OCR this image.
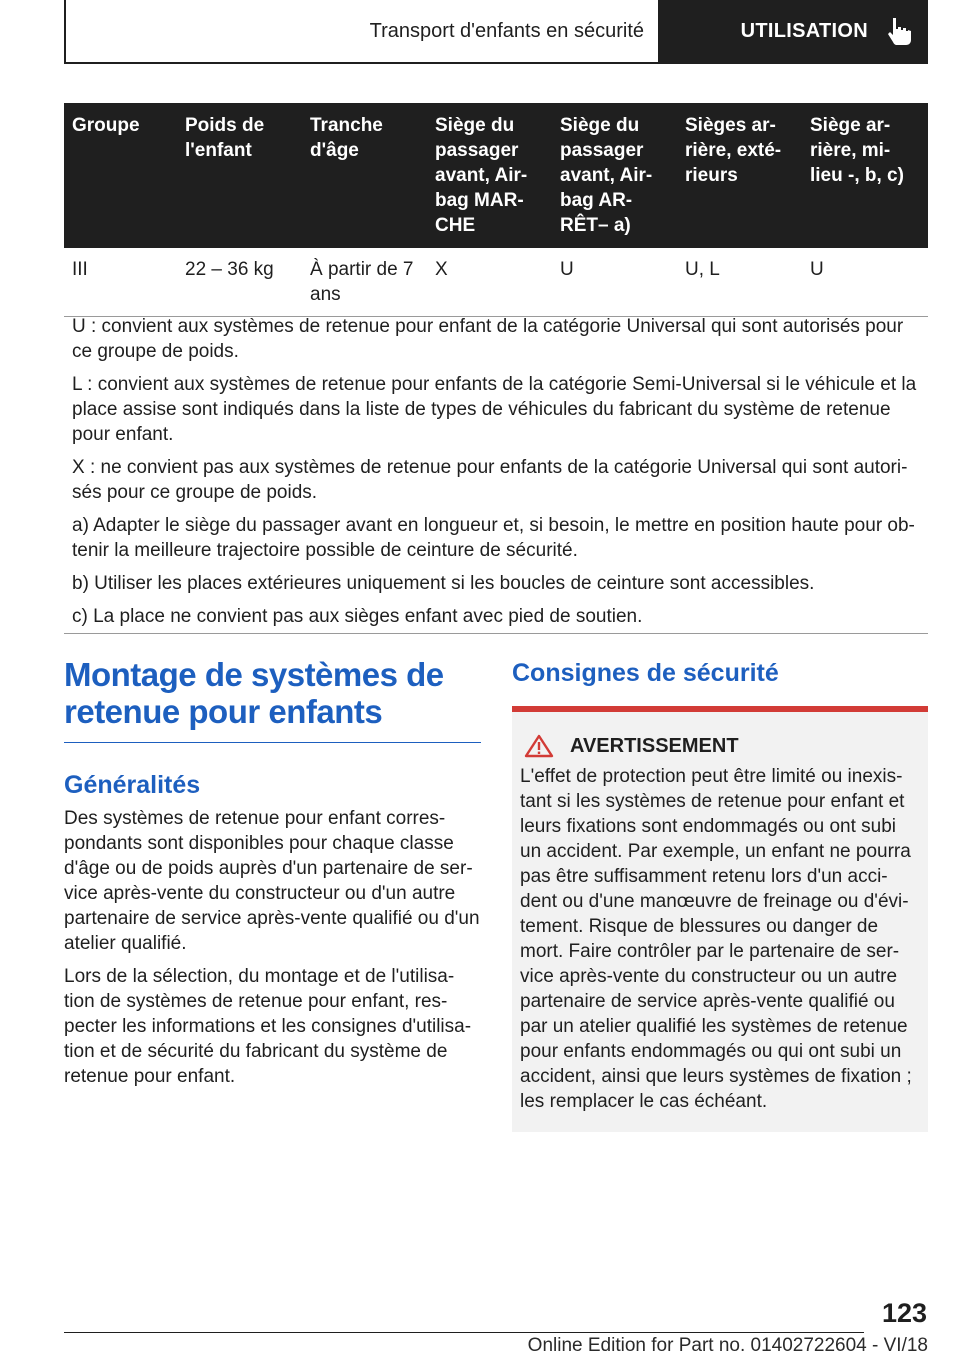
Transport d'enfants en sécurité	UTILISATION
Groupe	Poids de l'enfant	Tranche d'âge	Siège du passager avant, Air-bag MAR-CHE	Siège du passager avant, Air-bag AR-RÊT– a)	Sièges ar-rière, exté-rieurs	Siège ar-rière, mi-lieu -, b, c)
III	22 – 36 kg	À partir de 7 ans	X	U	U, L	U

U : convient aux systèmes de retenue pour enfant de la catégorie Universal qui sont autorisés pour ce groupe de poids.

L : convient aux systèmes de retenue pour enfants de la catégorie Semi-Universal si le véhicule et la place assise sont indiqués dans la liste de types de véhicules du fabricant du système de retenue pour enfant.

X : ne convient pas aux systèmes de retenue pour enfants de la catégorie Universal qui sont autori-sés pour ce groupe de poids.

a) Adapter le siège du passager avant en longueur et, si besoin, le mettre en position haute pour ob-tenir la meilleure trajectoire possible de ceinture de sécurité.

b) Utiliser les places extérieures uniquement si les boucles de ceinture sont accessibles.

c) La place ne convient pas aux sièges enfant avec pied de soutien.

Montage de systèmes de retenue pour enfants
Généralités

Des systèmes de retenue pour enfant corres-pondants sont disponibles pour chaque classe d'âge ou de poids auprès d'un partenaire de ser-vice après-vente du constructeur ou d'un autre partenaire de service après-vente qualifié ou d'un atelier qualifié.

Lors de la sélection, du montage et de l'utilisa-tion de systèmes de retenue pour enfant, res-pecter les informations et les consignes d'utilisa-tion et de sécurité du fabricant du système de retenue pour enfant.

Consignes de sécurité
AVERTISSEMENT

L'effet de protection peut être limité ou inexis-tant si les systèmes de retenue pour enfant et leurs fixations sont endommagés ou ont subi un accident. Par exemple, un enfant ne pourra pas être suffisamment retenu lors d'un acci-dent ou d'une manœuvre de freinage ou d'évi-tement. Risque de blessures ou danger de mort. Faire contrôler par le partenaire de ser-vice après-vente du constructeur ou un autre partenaire de service après-vente qualifié ou par un atelier qualifié les systèmes de retenue pour enfants endommagés ou qui ont subi un accident, ainsi que leurs systèmes de fixation ; les remplacer le cas échéant.

123
Online Edition for Part no. 01402722604 - VI/18
